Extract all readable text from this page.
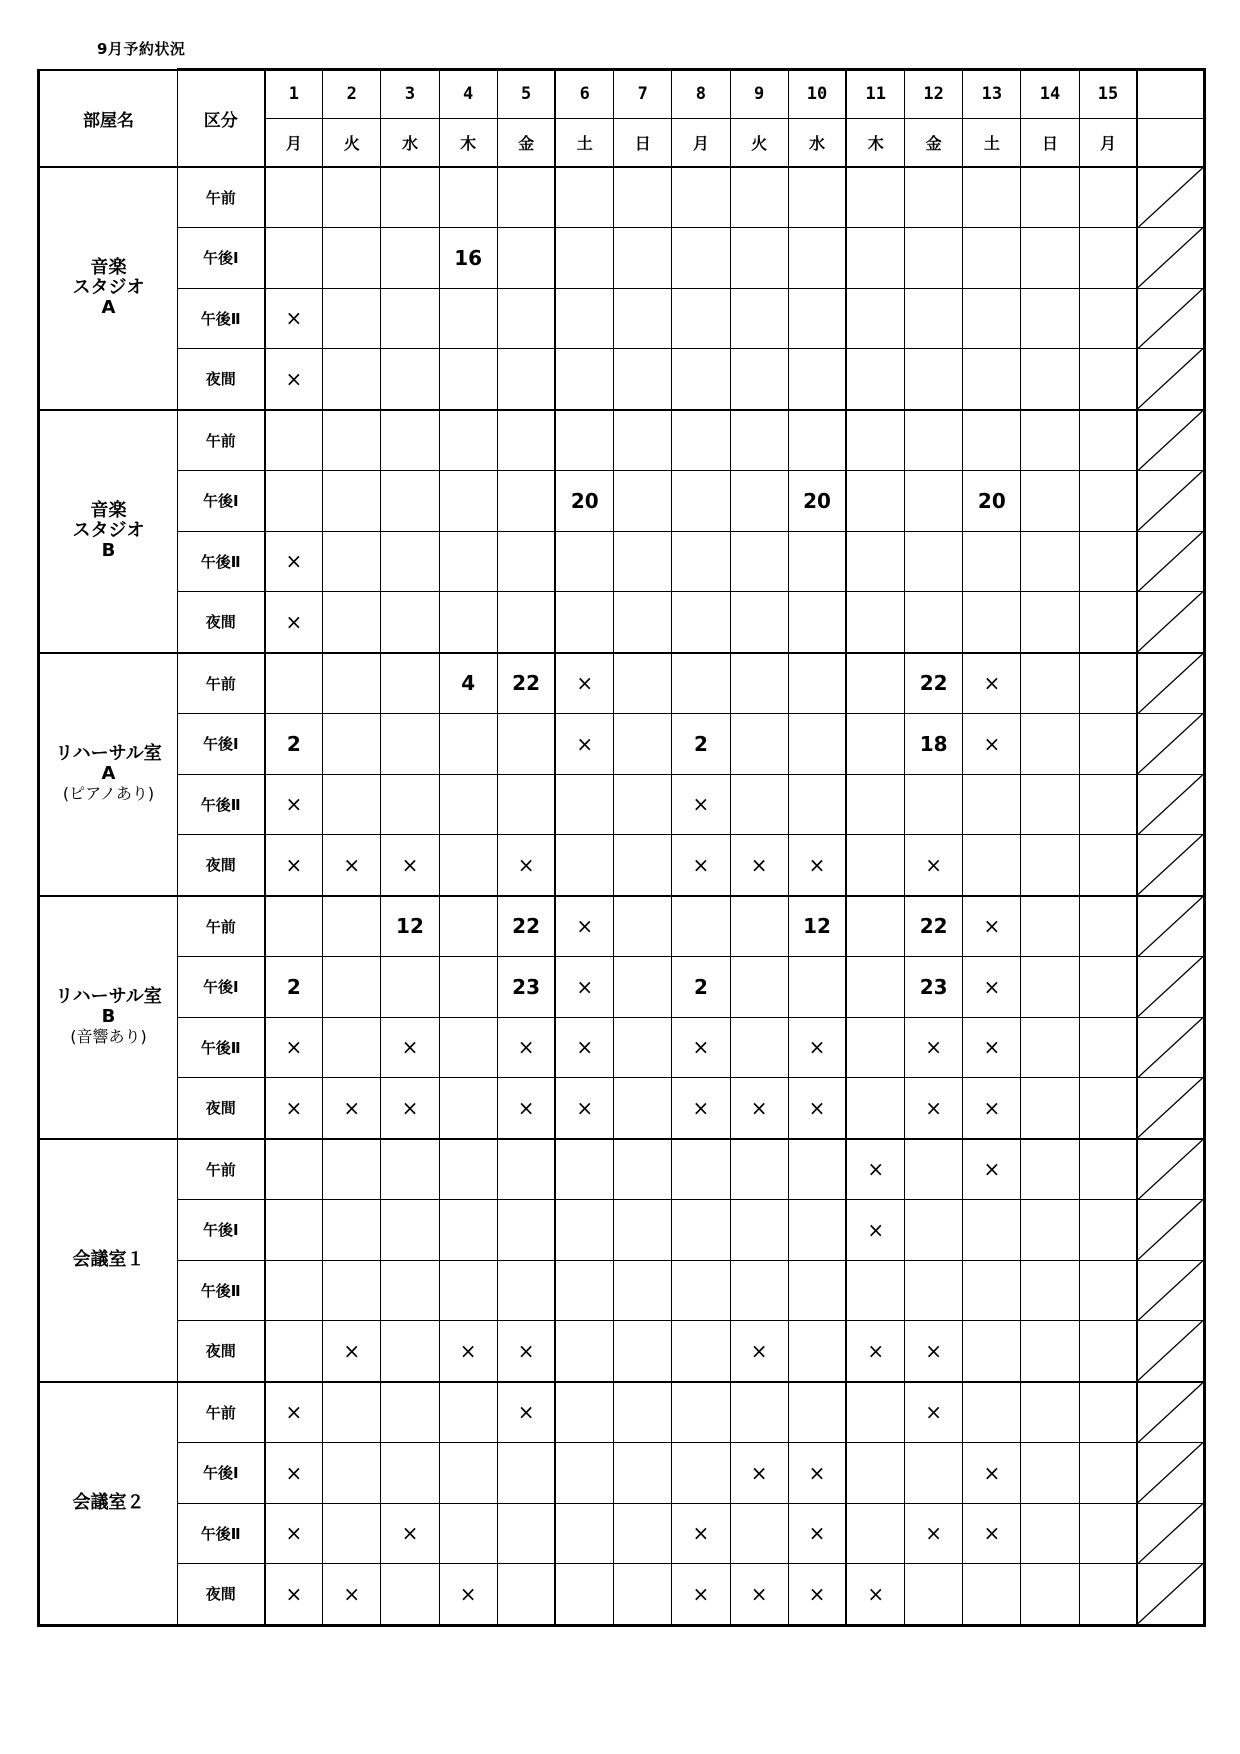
9月予約状況
部屋名	区分	1	2	3	4	5	6	7	8	9	10	11	12	13	14	15	
		月	火	水	木	金	土	日	月	火	水	木	金	土	日	月	

音楽
スタジオ
A	午前																

	午後Ⅰ				16												

	午後Ⅱ	×															

	夜間	×															

音楽
スタジオ
B	午前																

	午後Ⅰ						20				20			20			

	午後Ⅱ	×															

	夜間	×															

リハーサル室
A
(ピアノあり)	午前				4	22	×						22	×			

	午後Ⅰ	2					×		2				18	×			

	午後Ⅱ	×							×								

	夜間	×	×	×		×			×	×	×		×				

リハーサル室
B
(音響あり)	午前			12		22	×				12		22	×			

	午後Ⅰ	2				23	×		2				23	×			

	午後Ⅱ	×		×		×	×		×		×		×	×			

	夜間	×	×	×		×	×		×	×	×		×	×			

会議室１	午前											×		×			

	午後Ⅰ											×					

	午後Ⅱ																

	夜間		×		×	×				×		×	×				

会議室２	午前	×				×							×				

	午後Ⅰ	×								×	×			×			

	午後Ⅱ	×		×					×		×		×	×			

	夜間	×	×		×				×	×	×	×					
